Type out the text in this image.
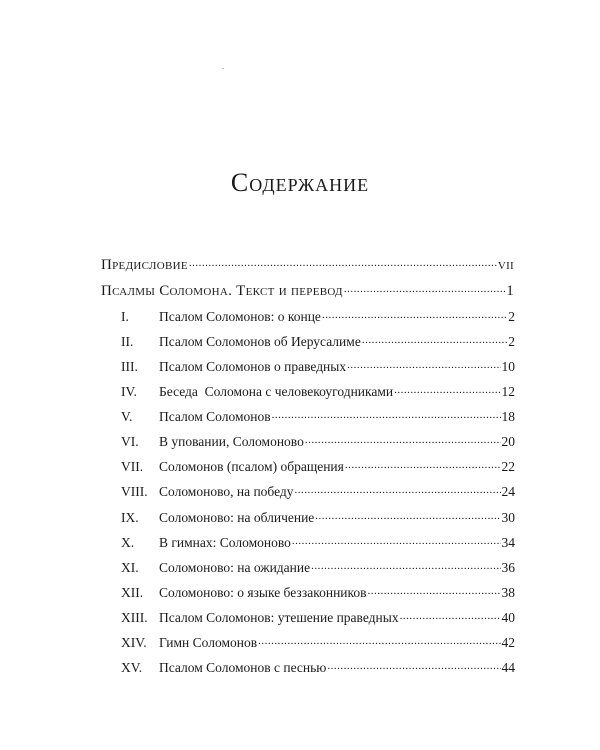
Содержание
Предисловие .....	vii
Псалмы Соломона. Текст и перевод .....	1
I.	Псалом Соломонов: о конце .....	2
II.	Псалом Соломонов об Иерусалиме .....	2
III.	Псалом Соломонов о праведных .....	10
IV.	Беседа  Соломона с человекоугодниками .....	12
V.	Псалом Соломонов .....	18
VI.	В уповании, Соломоново .....	20
VII.	Соломонов (псалом) обращения .....	22
VIII. Соломоново, на победу .....	24
IX.	Соломоново: на обличение .....	30
X.	В гимнах: Соломоново .....	34
XI.	Соломоново: на ожидание .....	36
XII.	Соломоново: о языке беззаконников .....	38
XIII. Псалом Соломонов: утешение праведных .....	40
XIV. Гимн Соломонов .....	42
XV.	Псалом Соломонов с песнью .....	44
